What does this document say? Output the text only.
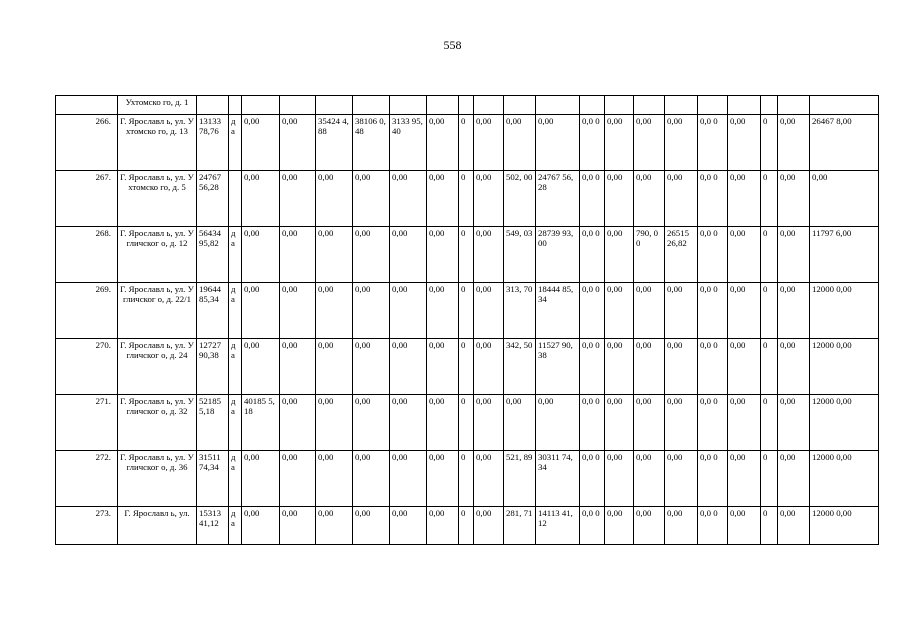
558
	Ухтомско го, д. 1																					
266.	Г. Ярославл ь, ул. Ухтомско го, д. 13	13133 78,76	д а	0,00	0,00	35424 4,88	38106 0,48	3133 95,40	0,00	0	0,00	0,00	0,00	0,0 0	0,00	0,00	0,00	0,0 0	0,00	0	0,00	26467 8,00
267.	Г. Ярославл ь, ул. Ухтомско го, д. 5	24767 56,28		0,00	0,00	0,00	0,00	0,00	0,00	0	0,00	502, 00	24767 56,28	0,0 0	0,00	0,00	0,00	0,0 0	0,00	0	0,00	0,00
268.	Г. Ярославл ь, ул. Угличског о, д. 12	56434 95,82	д а	0,00	0,00	0,00	0,00	0,00	0,00	0	0,00	549, 03	28739 93,00	0,0 0	0,00	790, 00	26515 26,82	0,0 0	0,00	0	0,00	11797 6,00
269.	Г. Ярославл ь, ул. Угличског о, д. 22/1	19644 85,34	д а	0,00	0,00	0,00	0,00	0,00	0,00	0	0,00	313, 70	18444 85,34	0,0 0	0,00	0,00	0,00	0,0 0	0,00	0	0,00	12000 0,00
270.	Г. Ярославл ь, ул. Угличског о, д. 24	12727 90,38	д а	0,00	0,00	0,00	0,00	0,00	0,00	0	0,00	342, 50	11527 90,38	0,0 0	0,00	0,00	0,00	0,0 0	0,00	0	0,00	12000 0,00
271.	Г. Ярославл ь, ул. Угличског о, д. 32	52185 5,18	д а	40185 5,18	0,00	0,00	0,00	0,00	0,00	0	0,00	0,00	0,00	0,0 0	0,00	0,00	0,00	0,0 0	0,00	0	0,00	12000 0,00
272.	Г. Ярославл ь, ул. Угличског о, д. 36	31511 74,34	д а	0,00	0,00	0,00	0,00	0,00	0,00	0	0,00	521, 89	30311 74,34	0,0 0	0,00	0,00	0,00	0,0 0	0,00	0	0,00	12000 0,00
273.	Г. Ярославл ь, ул.	15313 41,12	д а	0,00	0,00	0,00	0,00	0,00	0,00	0	0,00	281, 71	14113 41,12	0,0 0	0,00	0,00	0,00	0,0 0	0,00	0	0,00	12000 0,00
